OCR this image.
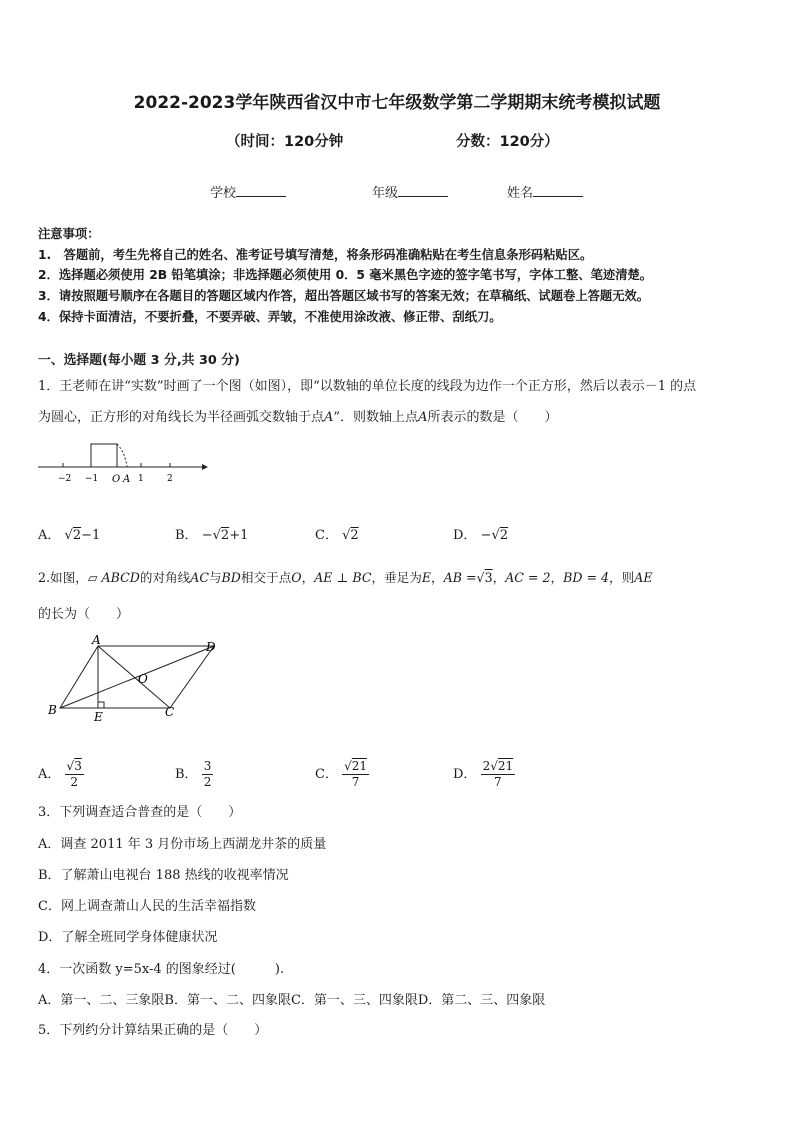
2022-2023学年陕西省汉中市七年级数学第二学期期末统考模拟试题
（时间：120分钟	分数：120分）
学校	年级	姓名
注意事项：
1.　答题前，考生先将自己的姓名、准考证号填写清楚，将条形码准确粘贴在考生信息条形码粘贴区。
2．选择题必须使用 2B 铅笔填涂；非选择题必须使用 0．5 毫米黑色字迹的签字笔书写，字体工整、笔迹清楚。
3．请按照题号顺序在各题目的答题区域内作答，超出答题区域书写的答案无效；在草稿纸、试题卷上答题无效。
4．保持卡面清洁，不要折叠，不要弄破、弄皱，不准使用涂改液、修正带、刮纸刀。
一、选择题(每小题 3 分,共 30 分)
1．王老师在讲“实数”时画了一个图（如图），即“以数轴的单位长度的线段为边作一个正方形，然后以表示－1 的点
为圆心，正方形的对角线长为半径画弧交数轴于点A”．则数轴上点A所表示的数是（　　）
−2 −1 O A 1	2
A． √2−1	B． −√2+1	C． √2	D． −√2
2.如图，▱ ABCD的对角线AC与BD相交于点O，AE ⊥ BC，垂足为E，AB =√3，AC = 2，BD = 4，则AE
的长为（　　）
A	D
O
B	E	C
A． $\frac{√3}{2}$	B． $\frac{3}{2}$	C． $\frac{√21}{7}$	D． $\frac{2√21}{7}$
3．下列调查适合普查的是（　　）
A．调查 2011 年 3 月份市场上西湖龙井茶的质量
B．了解萧山电视台 188 热线的收视率情况
C．网上调查萧山人民的生活幸福指数
D．了解全班同学身体健康状况
4．一次函数 y=5x-4 的图象经过(　　　).
A．第一、二、三象限B．第一、二、四象限C．第一、三、四象限D．第二、三、四象限
5．下列约分计算结果正确的是（　　）
